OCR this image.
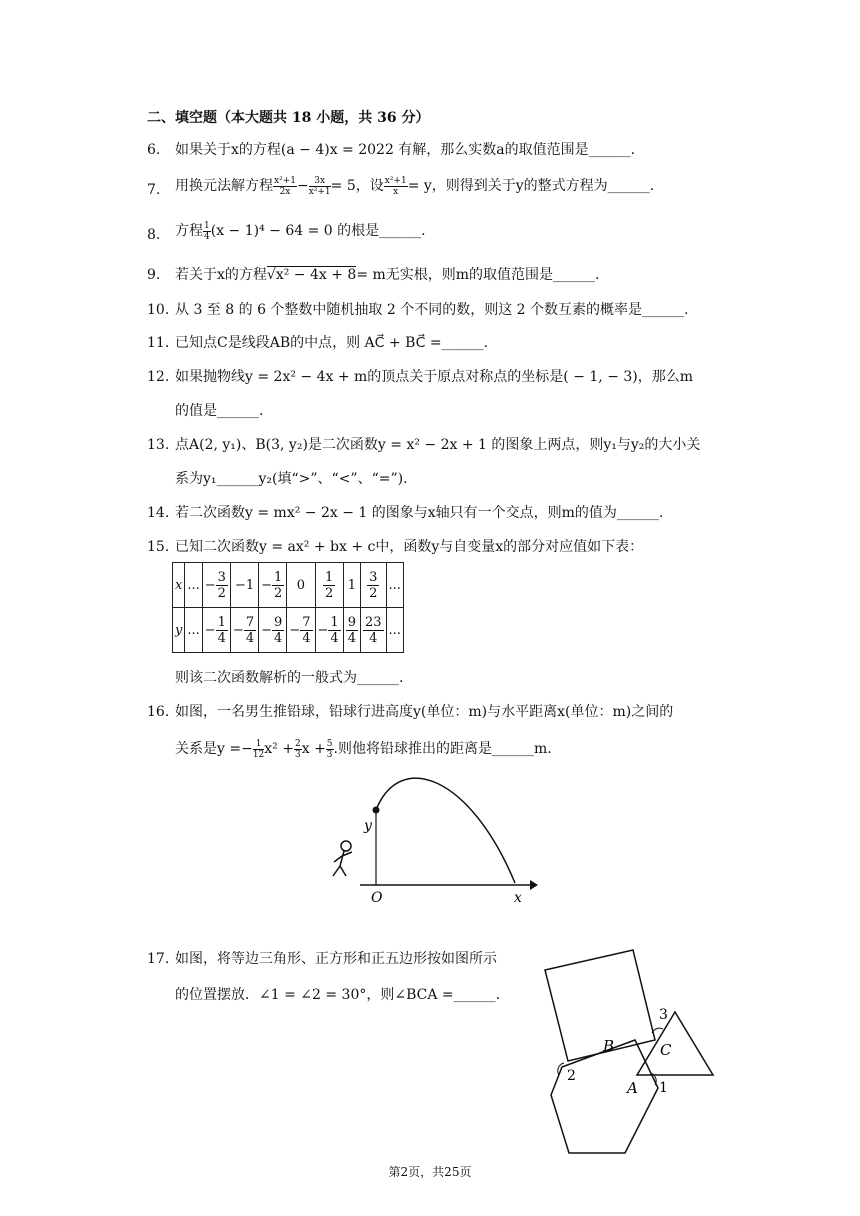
二、填空题（本大题共 18 小题，共 36 分）
6. 如果关于x的方程(a − 4)x = 2022 有解，那么实数a的取值范围是______.
7. 用换元法解方程 $\frac{\text{x²+1}}{2x} - \frac{3x}{\text{x²+1}} = 5$，设 $\frac{\text{x²+1}}{x} = y$，则得到关于y的整式方程为______.
8. 方程 $\frac{1}{4} (x - 1)^4 - 64 = 0$ 的根是______.
9. 若关于x的方程√x² − 4x + 8= m无实根，则m的取值范围是______.
10. 从 3 至 8 的 6 个整数中随机抽取 2 个不同的数，则这 2 个数互素的概率是______.
11. 已知点C是线段AB的中点，则 AC⃗ + BC⃗ =______.
12. 如果抛物线y = 2x² − 4x + m的顶点关于原点对称点的坐标是( − 1, − 3)，那么m
的值是______.
13. 点A(2, y₁)、B(3, y₂)是二次函数y = x² − 2x + 1 的图象上两点，则y₁与y₂的大小关
系为y₁______y₂(填“>”、“<”、“=”).
14. 若二次函数y = mx² − 2x − 1 的图象与x轴只有一个交点，则m的值为______.
15. 已知二次函数y = ax² + bx + c中，函数y与自变量x的部分对应值如下表：
x	...	− $\frac{3}{2}$	−1	− $\frac{1}{2}$	0	$\frac{1}{2}$	1	$\frac{3}{2}$	...
y	...	− $\frac{1}{4}$	− $\frac{7}{4}$	− $\frac{9}{4}$	− $\frac{7}{4}$	− $\frac{1}{4}$	$\frac{9}{4}$	$\frac{23}{4}$	...
则该二次函数解析的一般式为______.
16. 如图，一名男生推铅球，铅球行进高度y(单位：m)与水平距离x(单位：m)之间的
关系是$y =- \frac{1}{12} x^2 + \frac{2}{3}$ $x + \frac{5}{3}$ .则他将铅球推出的距离是______m.
y
O	x
17. 如图，将等边三角形、正方形和正五边形按如图所示
的位置摆放．∠1 = ∠2 = 30°，则∠BCA =______.
B	C
A 1
2
3
第2页，共25页
